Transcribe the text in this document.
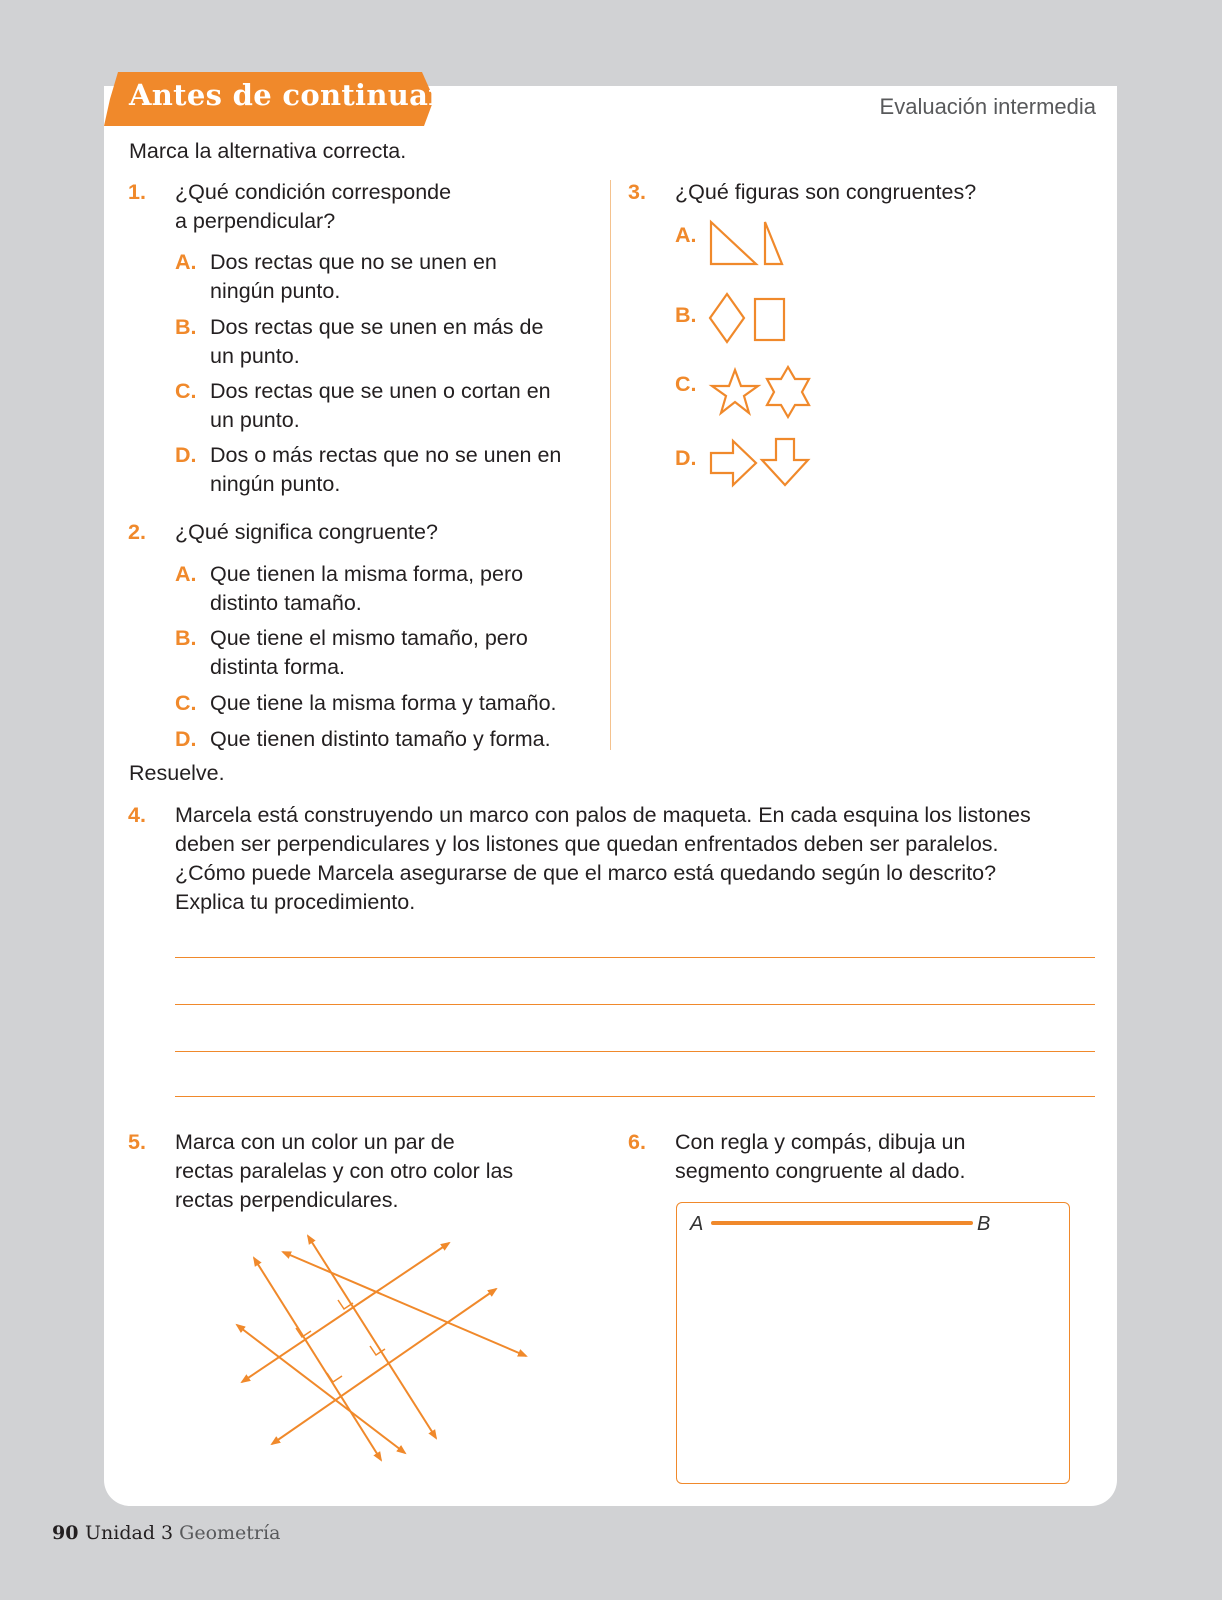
Antes de continuar	Evaluación intermedia
Marca la alternativa correcta.
1. ¿Qué condición corresponde
a perpendicular?
A. Dos rectas que no se unen en
ningún punto.
B. Dos rectas que se unen en más de
un punto.
C. Dos rectas que se unen o cortan en
un punto.
D. Dos o más rectas que no se unen en
ningún punto.
2. ¿Qué significa congruente?
A. Que tienen la misma forma, pero
distinto tamaño.
B. Que tiene el mismo tamaño, pero
distinta forma.
C. Que tiene la misma forma y tamaño.
D. Que tienen distinto tamaño y forma.
3. ¿Qué figuras son congruentes?
A.
B.
C.
D.
Resuelve.
4. Marcela está construyendo un marco con palos de maqueta. En cada esquina los listones
deben ser perpendiculares y los listones que quedan enfrentados deben ser paralelos.
¿Cómo puede Marcela asegurarse de que el marco está quedando según lo descrito?
Explica tu procedimiento.
5. Marca con un color un par de
rectas paralelas y con otro color las
rectas perpendiculares.
6. Con regla y compás, dibuja un
segmento congruente al dado.
A	B
90 Unidad 3 Geometría
